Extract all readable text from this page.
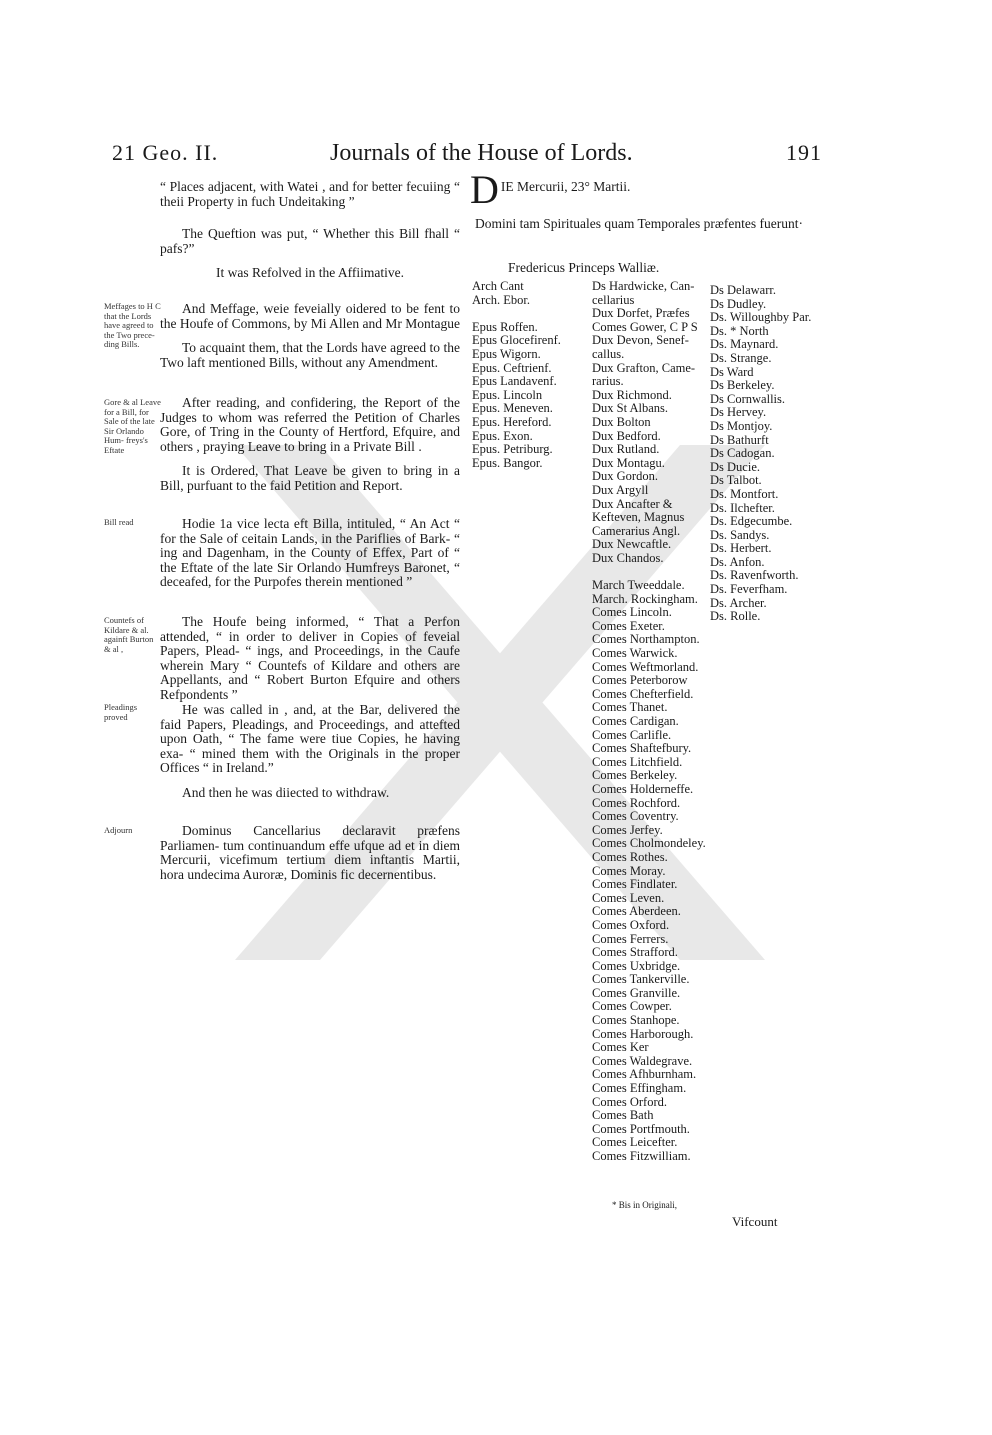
21 Geo. II.	Journals of the House of Lords.	191

“ Places adjacent, with Watei , and for better fecuiing “ theii Property in fuch Undeitaking ”

The Queftion was put, “ Whether this Bill fhall “ pafs?”

It was Refolved in the Affiimative.

And Meffage, weie feveially oidered to be fent to the Houfe of Commons, by Mi Allen and Mr Montague

To acquaint them, that the Lords have agreed to the Two laft mentioned Bills, without any Amendment.

After reading, and confidering, the Report of the Judges to whom was referred the Petition of Charles Gore, of Tring in the County of Hertford, Efquire, and others , praying Leave to bring in a Private Bill .

It is Ordered, That Leave be given to bring in a Bill, purfuant to the faid Petition and Report.

Hodie 1a vice lecta eft Billa, intituled, “ An Act “ for the Sale of ceitain Lands, in the Pariflies of Bark- “ ing and Dagenham, in the County of Effex, Part of “ the Eftate of the late Sir Orlando Humfreys Baronet, “ deceafed, for the Purpofes therein mentioned ”

The Houfe being informed, “ That a Perfon attended, “ in order to deliver in Copies of feveial Papers, Plead- “ ings, and Proceedings, in the Caufe wherein Mary “ Countefs of Kildare and others are Appellants, and “ Robert Burton Efquire and others Refpondents ”

He was called in , and, at the Bar, delivered the faid Papers, Pleadings, and Proceedings, and attefted upon Oath, “ The fame were tiue Copies, he having exa- “ mined them with the Originals in the proper Offices “ in Ireland.”

And then he was diiected to withdraw.

Dominus Cancellarius declaravit præfens Parliamen- tum continuandum effe ufque ad et in diem Mercurii, vicefimum tertium diem inftantis Martii, hora undecima Auroræ, Dominis fic decernentibus.

Meffages to H C that the Lords have agreed to the Two prece- ding Bills.
Gore & al Leave for a Bill, for Sale of the late Sir Orlando Hum- freys's Eftate
Bill read
Countefs of Kildare & al. againft Burton & al ,
Pleadings proved
Adjourn
D IE Mercurii, 23° Martii.
Domini tam Spirituales quam Temporales præfentes fuerunt·
Fredericus Princeps Walliæ.
Arch Cant
Arch. Ebor.
Epus Roffen.
Epus Glocefirenf.
Epus Wigorn.
Epus. Ceftrienf.
Epus Landavenf.
Epus. Lincoln
Epus. Meneven.
Epus. Hereford.
Epus. Exon.
Epus. Petriburg.
Epus. Bangor.
Ds Hardwicke, Can-
cellarius
Dux Dorfet, Præfes
Comes Gower, C P S
Dux Devon, Senef-
callus.
Dux Grafton, Came-
rarius.
Dux Richmond.
Dux St Albans.
Dux Bolton
Dux Bedford.
Dux Rutland.
Dux Montagu.
Dux Gordon.
Dux Argyll
Dux Ancafter &
Kefteven, Magnus
Camerarius Angl.
Dux Newcaftle.
Dux Chandos.
March Tweeddale.
March. Rockingham.
Comes Lincoln.
Comes Exeter.
Comes Northampton.
Comes Warwick.
Comes Weftmorland.
Comes Peterborow
Comes Chefterfield.
Comes Thanet.
Comes Cardigan.
Comes Carlifle.
Comes Shaftefbury.
Comes Litchfield.
Comes Berkeley.
Comes Holderneffe.
Comes Rochford.
Comes Coventry.
Comes Jerfey.
Comes Cholmondeley.
Comes Rothes.
Comes Moray.
Comes Findlater.
Comes Leven.
Comes Aberdeen.
Comes Oxford.
Comes Ferrers.
Comes Strafford.
Comes Uxbridge.
Comes Tankerville.
Comes Granville.
Comes Cowper.
Comes Stanhope.
Comes Harborough.
Comes Ker
Comes Waldegrave.
Comes Afhburnham.
Comes Effingham.
Comes Orford.
Comes Bath
Comes Portfmouth.
Comes Leicefter.
Comes Fitzwilliam.
Ds Delawarr.
Ds Dudley.
Ds. Willoughby Par.
Ds. * North
Ds. Maynard.
Ds. Strange.
Ds Ward
Ds Berkeley.
Ds Cornwallis.
Ds Hervey.
Ds Montjoy.
Ds Bathurft
Ds Cadogan.
Ds Ducie.
Ds Talbot.
Ds. Montfort.
Ds. Ilchefter.
Ds. Edgecumbe.
Ds. Sandys.
Ds. Herbert.
Ds. Anfon.
Ds. Ravenfworth.
Ds. Feverfham.
Ds. Archer.
Ds. Rolle.
* Bis in Originali,
Vifcount
